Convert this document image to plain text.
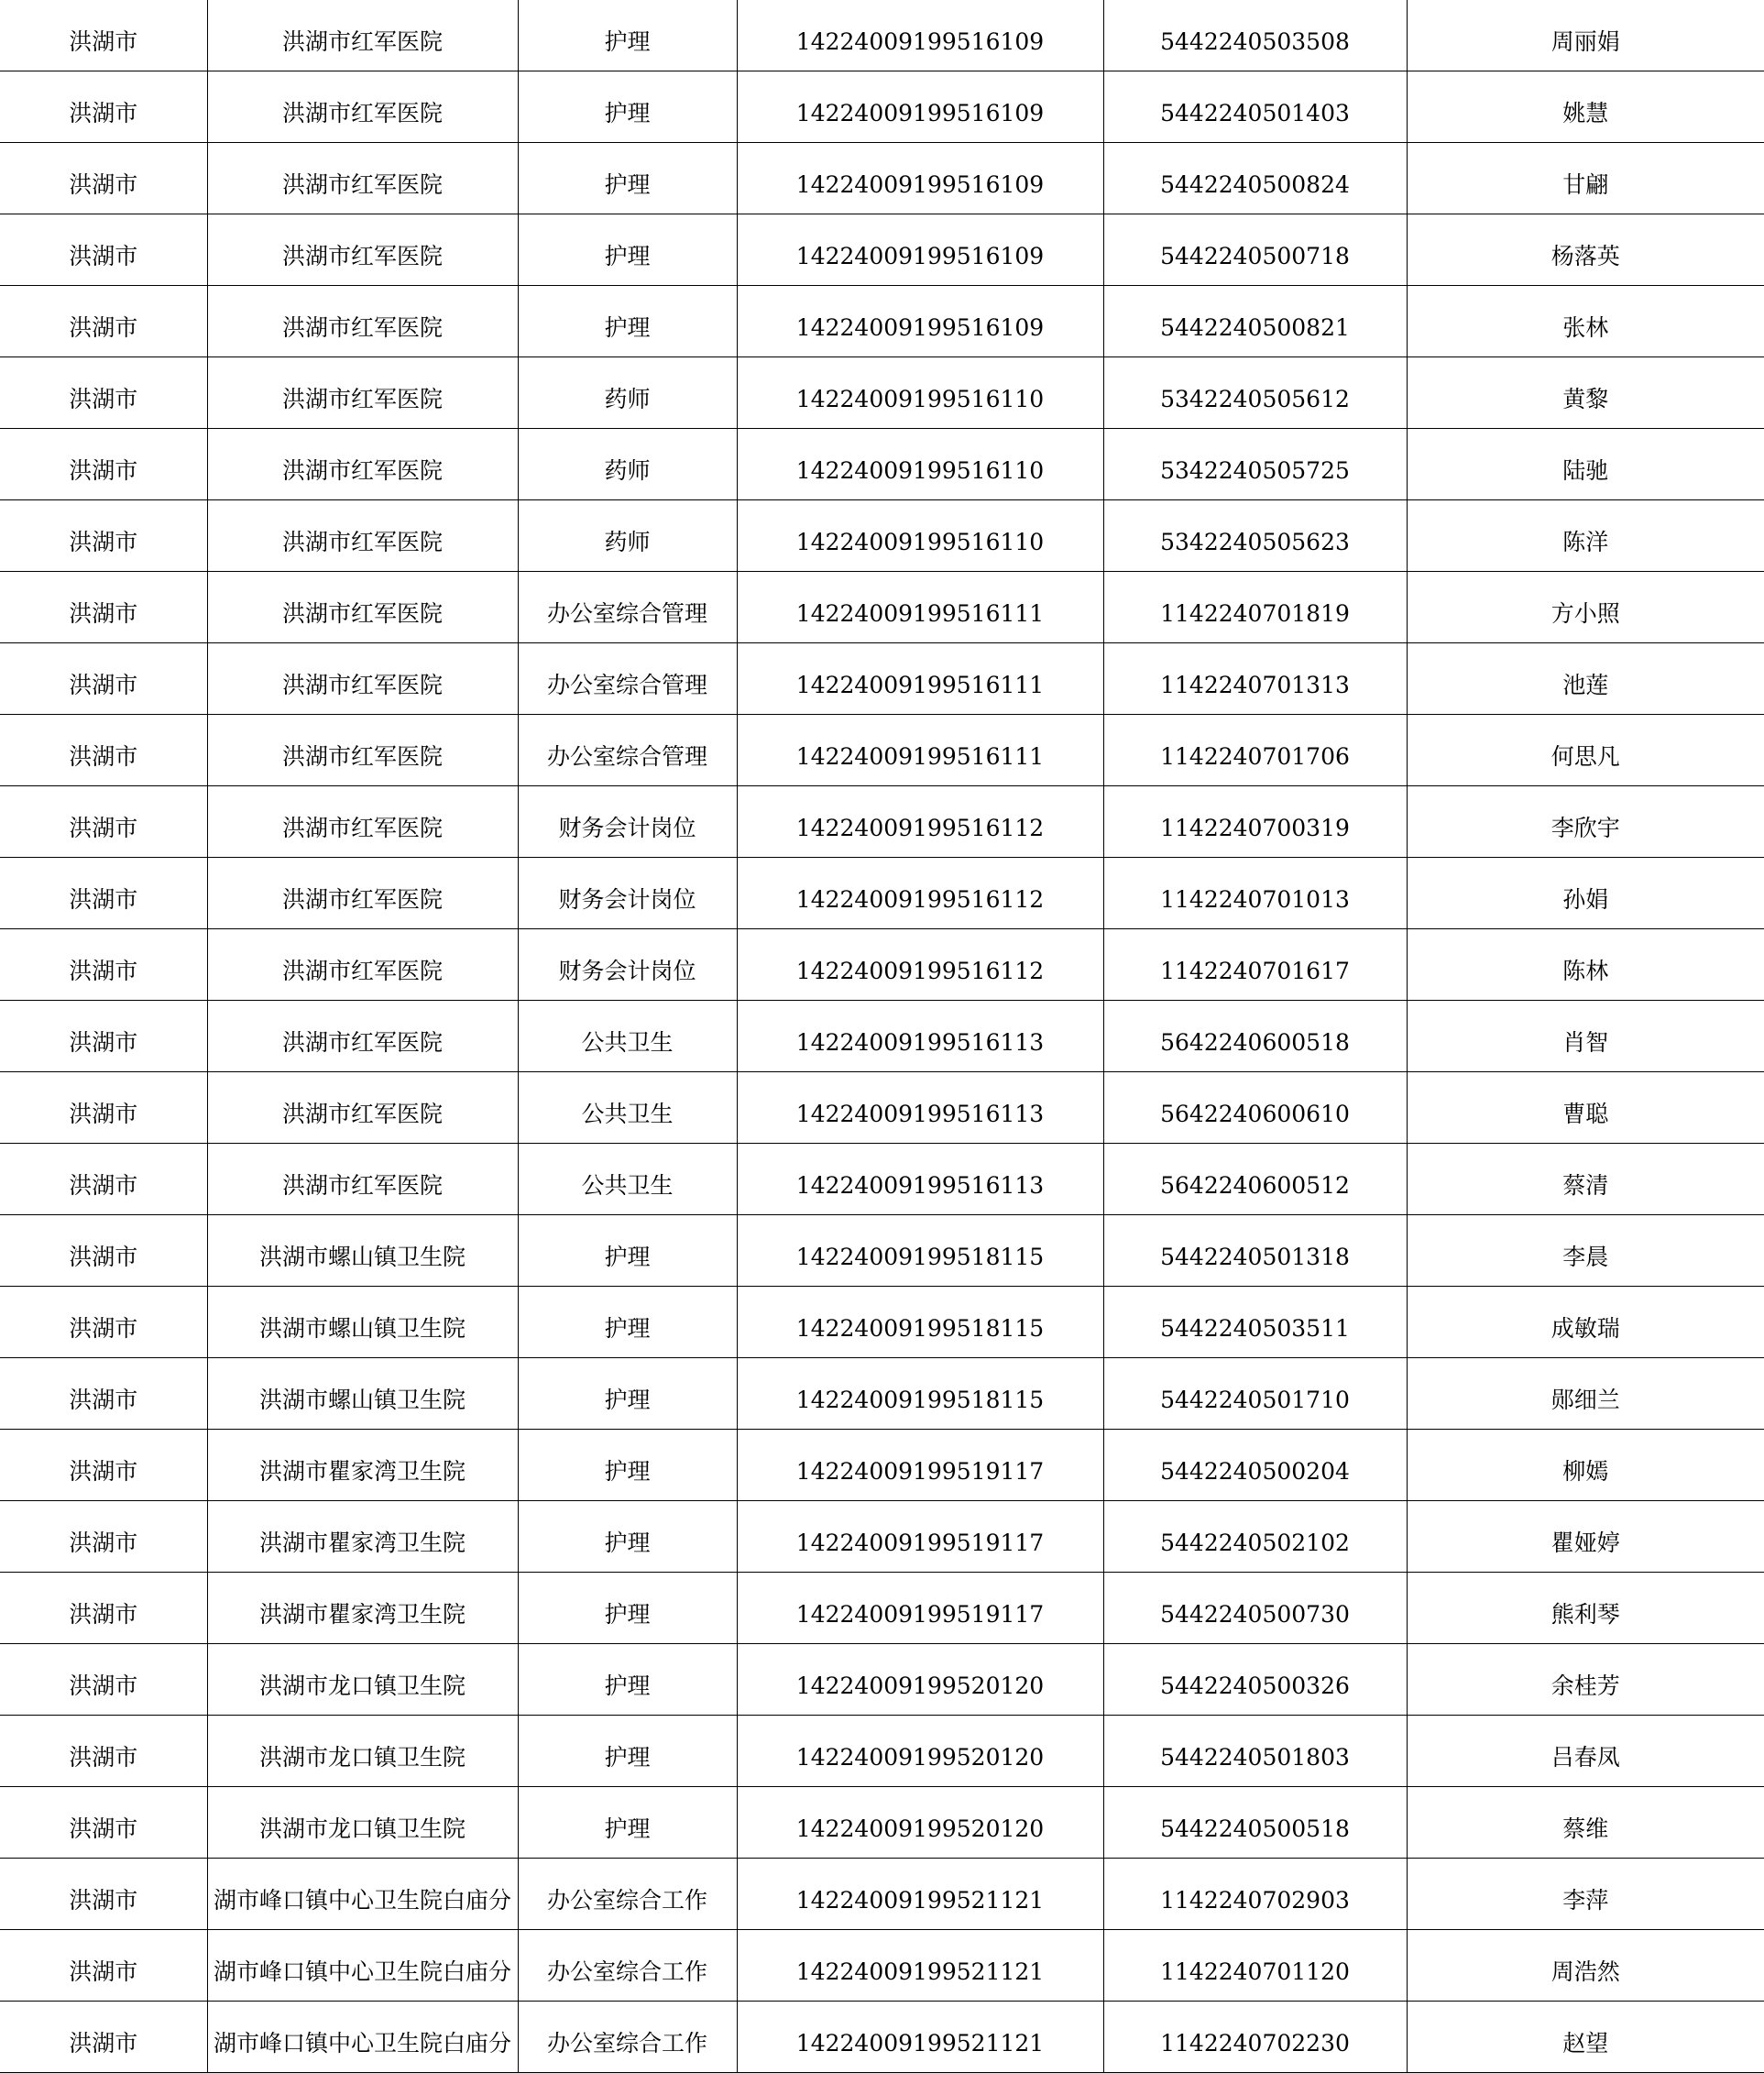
洪湖市	洪湖市红军医院	护理	14224009199516109	5442240503508	周丽娟
洪湖市	洪湖市红军医院	护理	14224009199516109	5442240501403	姚慧
洪湖市	洪湖市红军医院	护理	14224009199516109	5442240500824	甘翩
洪湖市	洪湖市红军医院	护理	14224009199516109	5442240500718	杨落英
洪湖市	洪湖市红军医院	护理	14224009199516109	5442240500821	张林
洪湖市	洪湖市红军医院	药师	14224009199516110	5342240505612	黄黎
洪湖市	洪湖市红军医院	药师	14224009199516110	5342240505725	陆驰
洪湖市	洪湖市红军医院	药师	14224009199516110	5342240505623	陈洋
洪湖市	洪湖市红军医院	办公室综合管理	14224009199516111	1142240701819	方小照
洪湖市	洪湖市红军医院	办公室综合管理	14224009199516111	1142240701313	池莲
洪湖市	洪湖市红军医院	办公室综合管理	14224009199516111	1142240701706	何思凡
洪湖市	洪湖市红军医院	财务会计岗位	14224009199516112	1142240700319	李欣宇
洪湖市	洪湖市红军医院	财务会计岗位	14224009199516112	1142240701013	孙娟
洪湖市	洪湖市红军医院	财务会计岗位	14224009199516112	1142240701617	陈林
洪湖市	洪湖市红军医院	公共卫生	14224009199516113	5642240600518	肖智
洪湖市	洪湖市红军医院	公共卫生	14224009199516113	5642240600610	曹聪
洪湖市	洪湖市红军医院	公共卫生	14224009199516113	5642240600512	蔡清
洪湖市	洪湖市螺山镇卫生院	护理	14224009199518115	5442240501318	李晨
洪湖市	洪湖市螺山镇卫生院	护理	14224009199518115	5442240503511	成敏瑞
洪湖市	洪湖市螺山镇卫生院	护理	14224009199518115	5442240501710	郧细兰
洪湖市	洪湖市瞿家湾卫生院	护理	14224009199519117	5442240500204	柳嫣
洪湖市	洪湖市瞿家湾卫生院	护理	14224009199519117	5442240502102	瞿娅婷
洪湖市	洪湖市瞿家湾卫生院	护理	14224009199519117	5442240500730	熊利琴
洪湖市	洪湖市龙口镇卫生院	护理	14224009199520120	5442240500326	余桂芳
洪湖市	洪湖市龙口镇卫生院	护理	14224009199520120	5442240501803	吕春凤
洪湖市	洪湖市龙口镇卫生院	护理	14224009199520120	5442240500518	蔡维
洪湖市	湖市峰口镇中心卫生院白庙分	办公室综合工作	14224009199521121	1142240702903	李萍
洪湖市	湖市峰口镇中心卫生院白庙分	办公室综合工作	14224009199521121	1142240701120	周浩然
洪湖市	湖市峰口镇中心卫生院白庙分	办公室综合工作	14224009199521121	1142240702230	赵望
